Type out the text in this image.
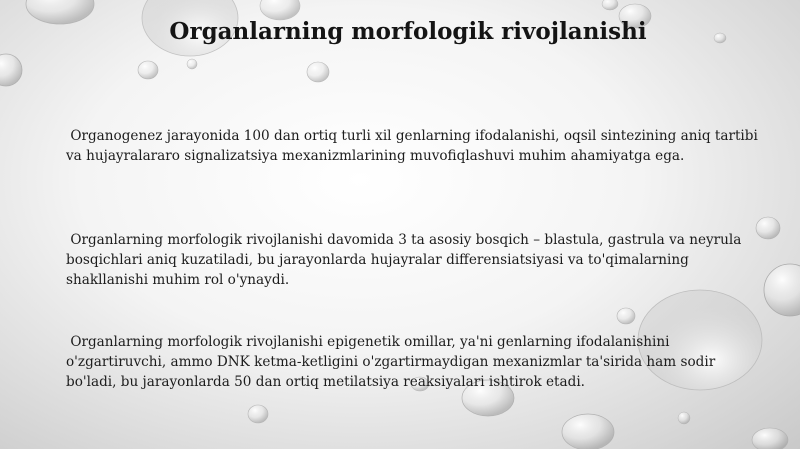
Organlarning morfologik rivojlanishi

Organogenez jarayonida 100 dan ortiq turli xil genlarning ifodalanishi, oqsil sintezining aniq tartibi va hujayralararo signalizatsiya mexanizmlarining muvofiqlashuvi muhim ahamiyatga ega.

Organlarning morfologik rivojlanishi davomida 3 ta asosiy bosqich – blastula, gastrula va neyrula bosqichlari aniq kuzatiladi, bu jarayonlarda hujayralar differensiatsiyasi va to'qimalarning shakllanishi muhim rol o'ynaydi.

Organlarning morfologik rivojlanishi epigenetik omillar, ya'ni genlarning ifodalanishini o'zgartiruvchi, ammo DNK ketma-ketligini o'zgartirmaydigan mexanizmlar ta'sirida ham sodir bo'ladi, bu jarayonlarda 50 dan ortiq metilatsiya reaksiyalari ishtirok etadi.
